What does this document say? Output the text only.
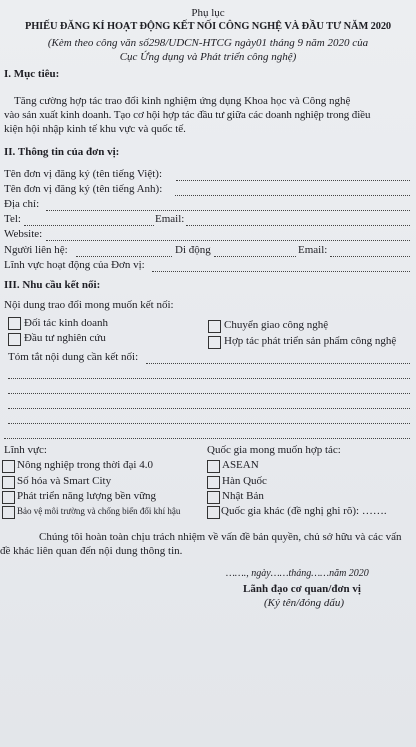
Phụ lục
PHIẾU ĐĂNG KÍ HOẠT ĐỘNG KẾT NỐI CÔNG NGHỆ VÀ ĐẦU TƯ NĂM 2020
(Kèm theo công văn số298/UDCN-HTCG ngày01 tháng 9 năm 2020 của
Cục Ứng dụng và Phát triển công nghệ)
I. Mục tiêu:
Tăng cường hợp tác trao đổi kinh nghiệm ứng dụng Khoa học và Công nghệ
vào sản xuất kinh doanh. Tạo cơ hội hợp tác đầu tư giữa các doanh nghiệp trong điều
kiện hội nhập kinh tế khu vực và quốc tế.
II. Thông tin của đơn vị:
Tên đơn vị đăng ký (tên tiếng Việt):
Tên đơn vị đăng ký (tên tiếng Anh):
Địa chỉ:
Tel:	Email:
Website:
Người liên hệ:	Di động	Email:
Lĩnh vực hoạt động của Đơn vị:
III. Nhu cầu kết nối:
Nội dung trao đổi mong muốn kết nối:
Đối tác kinh doanh
Đầu tư nghiên cứu
Chuyển giao công nghệ
Hợp tác phát triển sản phẩm công nghệ
Tóm tắt nội dung cần kết nối:
Lĩnh vực:	Quốc gia mong muốn hợp tác:
Nông nghiệp trong thời đại 4.0
Số hóa và Smart City
Phát triển năng lượng bền vững
Bảo vệ môi trường và chống biến đổi khí hậu
ASEAN
Hàn Quốc
Nhật Bản
Quốc gia khác (đề nghị ghi rõ): …….
Chúng tôi hoàn toàn chịu trách nhiệm về vấn đề bản quyền, chủ sở hữu và các vấn
đề khác liên quan đến nội dung thông tin.
……., ngày……tháng……năm 2020
Lãnh đạo cơ quan/đơn vị
(Ký tên/đóng dấu)
